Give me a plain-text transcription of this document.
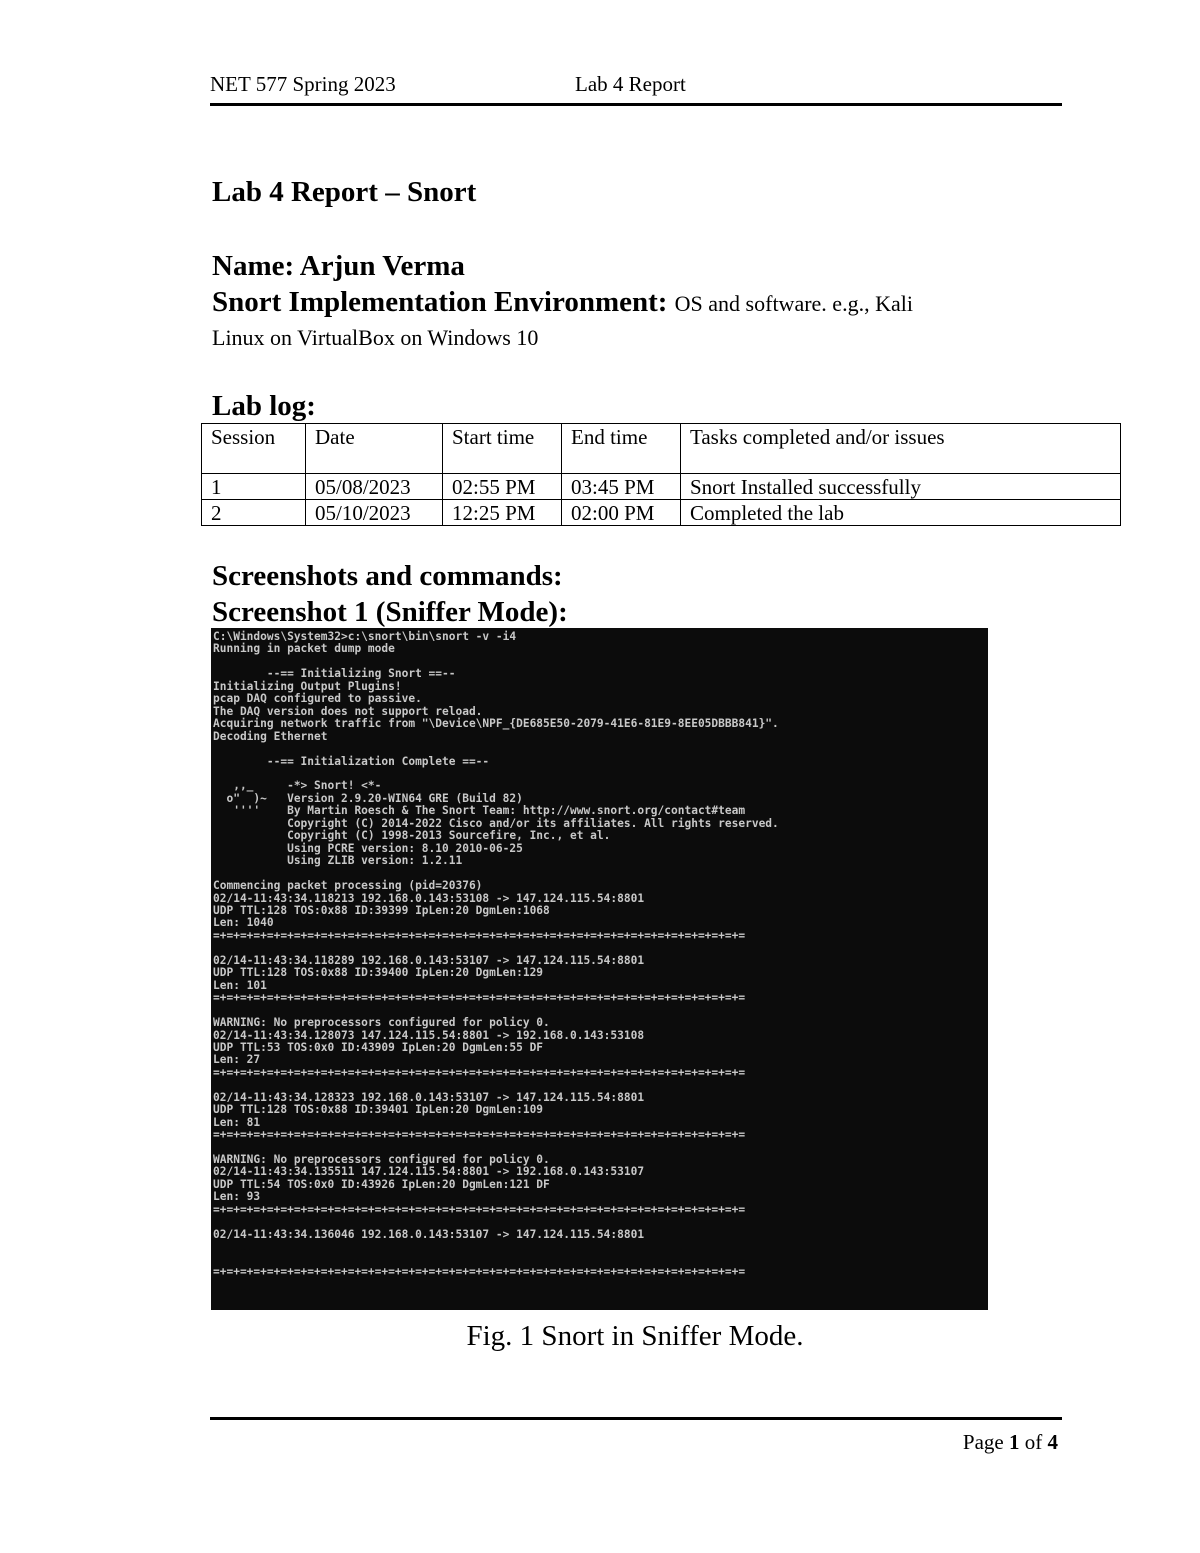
NET 577 Spring 2023	Lab 4 Report
Lab 4 Report – Snort
Name: Arjun Verma
Snort Implementation Environment: OS and software. e.g., Kali
Linux on VirtualBox on Windows 10
Lab log:
Session	Date	Start time	End time	Tasks completed and/or issues
1	05/08/2023	02:55 PM	03:45 PM	Snort Installed successfully
2	05/10/2023	12:25 PM	02:00 PM	Completed the lab
Screenshots and commands:
Screenshot 1 (Sniffer Mode):
C:\Windows\System32>c:\snort\bin\snort -v -i4
Running in packet dump mode

--== Initializing Snort ==--
Initializing Output Plugins!
pcap DAQ configured to passive.
The DAQ version does not support reload.
Acquiring network traffic from "\Device\NPF_{DE685E50-2079-41E6-81E9-8EE05DBBB841}".
Decoding Ethernet

--== Initialization Complete ==--

,,_     -*> Snort! <*-
o"  )~   Version 2.9.20-WIN64 GRE (Build 82)
''''    By Martin Roesch & The Snort Team: http://www.snort.org/contact#team
Copyright (C) 2014-2022 Cisco and/or its affiliates. All rights reserved.
Copyright (C) 1998-2013 Sourcefire, Inc., et al.
Using PCRE version: 8.10 2010-06-25
Using ZLIB version: 1.2.11

Commencing packet processing (pid=20376)
02/14-11:43:34.118213 192.168.0.143:53108 -> 147.124.115.54:8801
UDP TTL:128 TOS:0x88 ID:39399 IpLen:20 DgmLen:1068
Len: 1040
=+=+=+=+=+=+=+=+=+=+=+=+=+=+=+=+=+=+=+=+=+=+=+=+=+=+=+=+=+=+=+=+=+=+=+=+=+=+=+=

02/14-11:43:34.118289 192.168.0.143:53107 -> 147.124.115.54:8801
UDP TTL:128 TOS:0x88 ID:39400 IpLen:20 DgmLen:129
Len: 101
=+=+=+=+=+=+=+=+=+=+=+=+=+=+=+=+=+=+=+=+=+=+=+=+=+=+=+=+=+=+=+=+=+=+=+=+=+=+=+=

WARNING: No preprocessors configured for policy 0.
02/14-11:43:34.128073 147.124.115.54:8801 -> 192.168.0.143:53108
UDP TTL:53 TOS:0x0 ID:43909 IpLen:20 DgmLen:55 DF
Len: 27
=+=+=+=+=+=+=+=+=+=+=+=+=+=+=+=+=+=+=+=+=+=+=+=+=+=+=+=+=+=+=+=+=+=+=+=+=+=+=+=

02/14-11:43:34.128323 192.168.0.143:53107 -> 147.124.115.54:8801
UDP TTL:128 TOS:0x88 ID:39401 IpLen:20 DgmLen:109
Len: 81
=+=+=+=+=+=+=+=+=+=+=+=+=+=+=+=+=+=+=+=+=+=+=+=+=+=+=+=+=+=+=+=+=+=+=+=+=+=+=+=

WARNING: No preprocessors configured for policy 0.
02/14-11:43:34.135511 147.124.115.54:8801 -> 192.168.0.143:53107
UDP TTL:54 TOS:0x0 ID:43926 IpLen:20 DgmLen:121 DF
Len: 93
=+=+=+=+=+=+=+=+=+=+=+=+=+=+=+=+=+=+=+=+=+=+=+=+=+=+=+=+=+=+=+=+=+=+=+=+=+=+=+=

02/14-11:43:34.136046 192.168.0.143:53107 -> 147.124.115.54:8801

=+=+=+=+=+=+=+=+=+=+=+=+=+=+=+=+=+=+=+=+=+=+=+=+=+=+=+=+=+=+=+=+=+=+=+=+=+=+=+=

Fig. 1 Snort in Sniffer Mode.
Page 1 of 4
